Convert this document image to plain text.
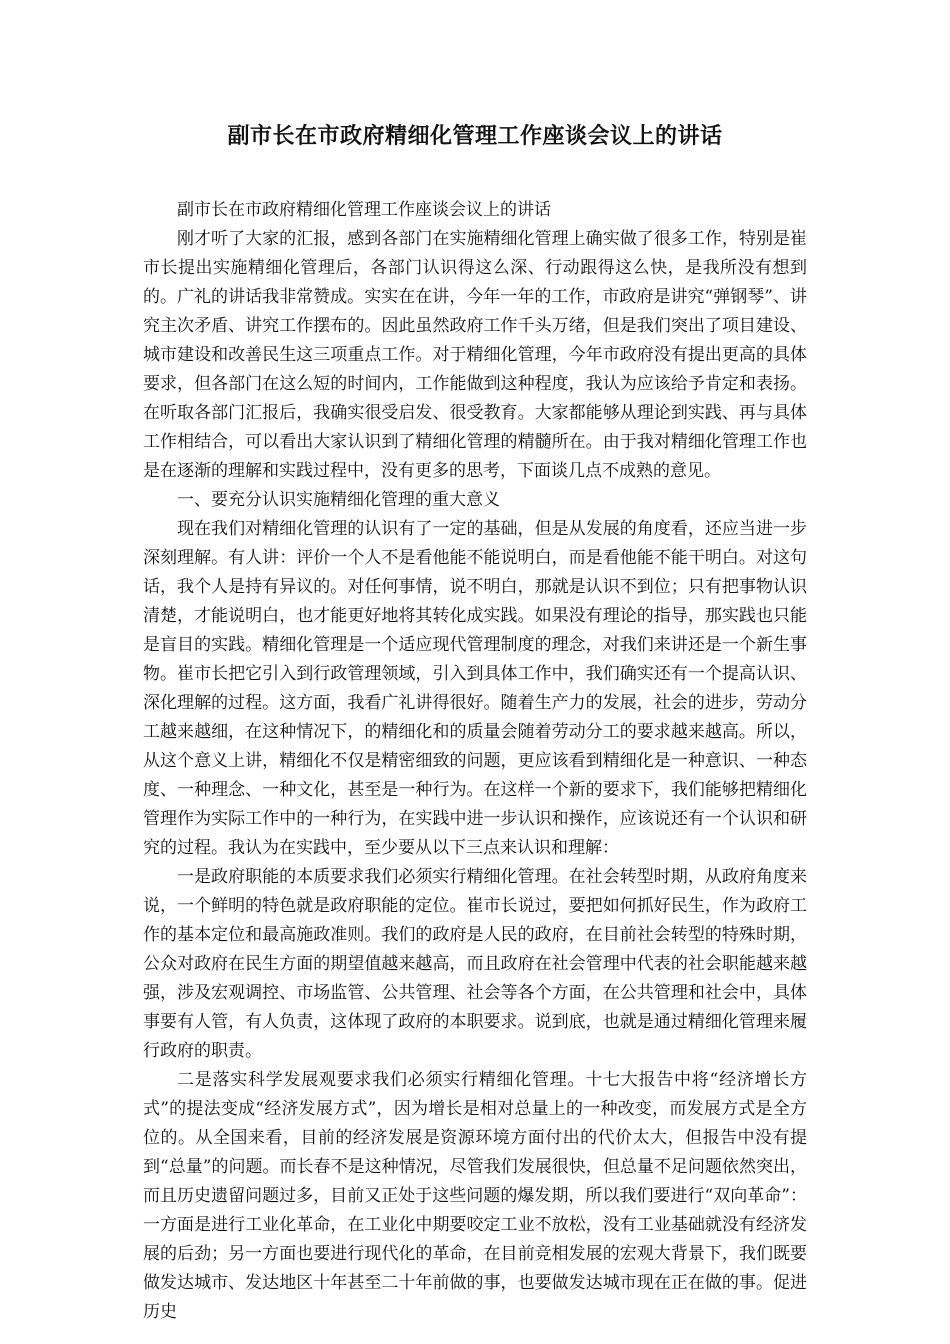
副市长在市政府精细化管理工作座谈会议上的讲话

副市长在市政府精细化管理工作座谈会议上的讲话

刚才听了大家的汇报，感到各部门在实施精细化管理上确实做了很多工作，特别是崔市长提出实施精细化管理后，各部门认识得这么深、行动跟得这么快，是我所没有想到的。广礼的讲话我非常赞成。实实在在讲，今年一年的工作，市政府是讲究“弹钢琴”、讲究主次矛盾、讲究工作摆布的。因此虽然政府工作千头万绪，但是我们突出了项目建设、城市建设和改善民生这三项重点工作。对于精细化管理，今年市政府没有提出更高的具体要求，但各部门在这么短的时间内，工作能做到这种程度，我认为应该给予肯定和表扬。在听取各部门汇报后，我确实很受启发、很受教育。大家都能够从理论到实践、再与具体工作相结合，可以看出大家认识到了精细化管理的精髓所在。由于我对精细化管理工作也是在逐渐的理解和实践过程中，没有更多的思考，下面谈几点不成熟的意见。

一、要充分认识实施精细化管理的重大意义

现在我们对精细化管理的认识有了一定的基础，但是从发展的角度看，还应当进一步深刻理解。有人讲：评价一个人不是看他能不能说明白，而是看他能不能干明白。对这句话，我个人是持有异议的。对任何事情，说不明白，那就是认识不到位；只有把事物认识清楚，才能说明白，也才能更好地将其转化成实践。如果没有理论的指导，那实践也只能是盲目的实践。精细化管理是一个适应现代管理制度的理念，对我们来讲还是一个新生事物。崔市长把它引入到行政管理领域，引入到具体工作中，我们确实还有一个提高认识、深化理解的过程。这方面，我看广礼讲得很好。随着生产力的发展，社会的进步，劳动分工越来越细，在这种情况下，的精细化和的质量会随着劳动分工的要求越来越高。所以，从这个意义上讲，精细化不仅是精密细致的问题，更应该看到精细化是一种意识、一种态度、一种理念、一种文化，甚至是一种行为。在这样一个新的要求下，我们能够把精细化管理作为实际工作中的一种行为，在实践中进一步认识和操作，应该说还有一个认识和研究的过程。我认为在实践中，至少要从以下三点来认识和理解：

一是政府职能的本质要求我们必须实行精细化管理。在社会转型时期，从政府角度来说，一个鲜明的特色就是政府职能的定位。崔市长说过，要把如何抓好民生，作为政府工作的基本定位和最高施政准则。我们的政府是人民的政府，在目前社会转型的特殊时期，公众对政府在民生方面的期望值越来越高，而且政府在社会管理中代表的社会职能越来越强，涉及宏观调控、市场监管、公共管理、社会等各个方面，在公共管理和社会中，具体事要有人管，有人负责，这体现了政府的本职要求。说到底，也就是通过精细化管理来履行政府的职责。

二是落实科学发展观要求我们必须实行精细化管理。十七大报告中将“经济增长方式”的提法变成“经济发展方式”，因为增长是相对总量上的一种改变，而发展方式是全方位的。从全国来看，目前的经济发展是资源环境方面付出的代价太大，但报告中没有提到“总量”的问题。而长春不是这种情况，尽管我们发展很快，但总量不足问题依然突出，而且历史遗留问题过多，目前又正处于这些问题的爆发期，所以我们要进行“双向革命”：一方面是进行工业化革命，在工业化中期要咬定工业不放松，没有工业基础就没有经济发展的后劲；另一方面也要进行现代化的革命，在目前竞相发展的宏观大背景下，我们既要做发达城市、发达地区十年甚至二十年前做的事，也要做发达城市现在正在做的事。促进历史
